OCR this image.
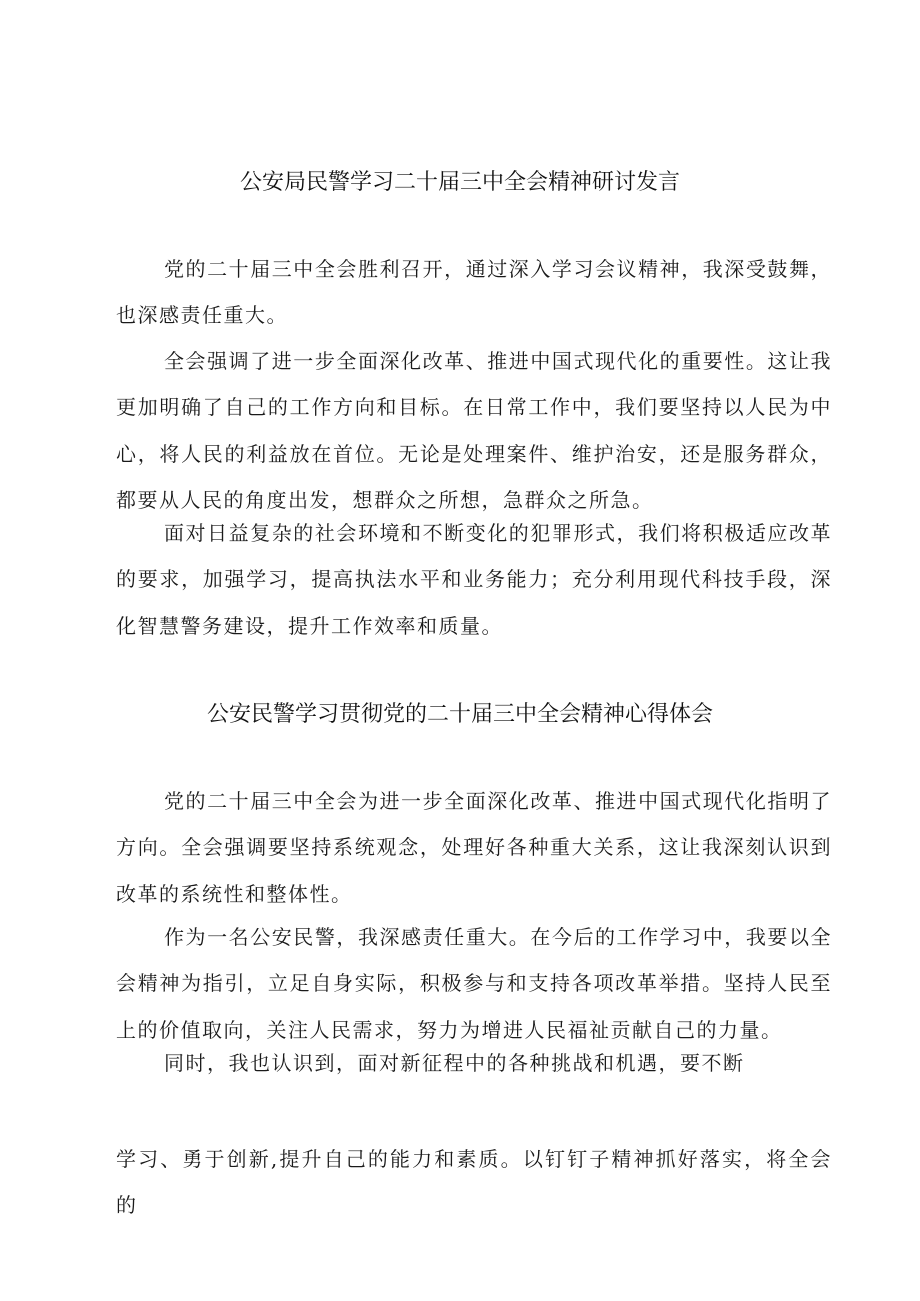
公安局民警学习二十届三中全会精神研讨发言
党的二十届三中全会胜利召开，通过深入学习会议精神，我深受鼓舞，也深感责任重大。
全会强调了进一步全面深化改革、推进中国式现代化的重要性。这让我更加明确了自己的工作方向和目标。在日常工作中，我们要坚持以人民为中心，将人民的利益放在首位。无论是处理案件、维护治安，还是服务群众，都要从人民的角度出发，想群众之所想，急群众之所急。
面对日益复杂的社会环境和不断变化的犯罪形式，我们将积极适应改革的要求，加强学习，提高执法水平和业务能力；充分利用现代科技手段，深化智慧警务建设，提升工作效率和质量。
公安民警学习贯彻党的二十届三中全会精神心得体会
党的二十届三中全会为进一步全面深化改革、推进中国式现代化指明了方向。全会强调要坚持系统观念，处理好各种重大关系，这让我深刻认识到改革的系统性和整体性。
作为一名公安民警，我深感责任重大。在今后的工作学习中，我要以全会精神为指引，立足自身实际，积极参与和支持各项改革举措。坚持人民至上的价值取向，关注人民需求，努力为增进人民福祉贡献自己的力量。
同时，我也认识到，面对新征程中的各种挑战和机遇，要不断
学习、勇于创新,提升自己的能力和素质。以钉钉子精神抓好落实，将全会的
